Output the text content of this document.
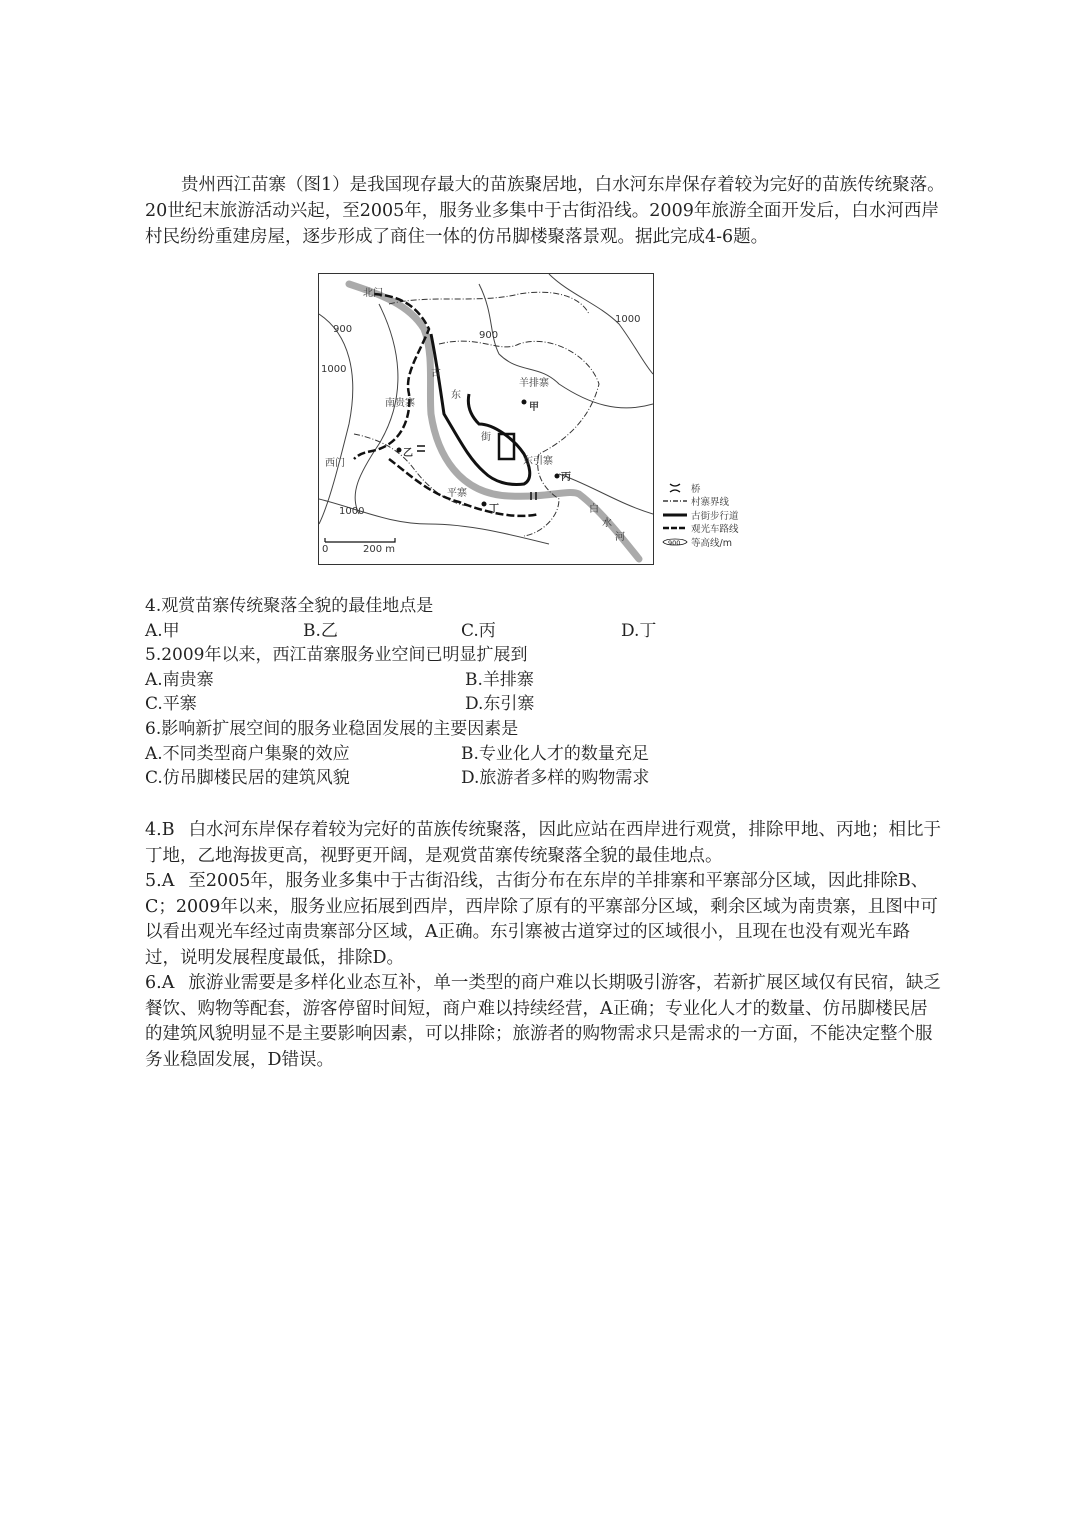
贵州西江苗寨（图1）是我国现存最大的苗族聚居地，白水河东岸保存着较为完好的苗族传统聚落。20世纪末旅游活动兴起，至2005年，服务业多集中于古街沿线。2009年旅游全面开发后，白水河西岸村民纷纷重建房屋，逐步形成了商住一体的仿吊脚楼聚落景观。据此完成4-6题。

北门
西门
南贵寨
羊排寨
东引寨
平寨
甲
乙
丙
丁
古
东
街
白
水
河
900
900
1000
1000
1000
0	200 m
桥
村寨界线
古街步行道
观光车路线
900 等高线/m
4.观赏苗寨传统聚落全貌的最佳地点是
A.甲	B.乙	C.丙	D.丁
5.2009年以来，西江苗寨服务业空间已明显扩展到
A.南贵寨	B.羊排寨
C.平寨	D.东引寨
6.影响新扩展空间的服务业稳固发展的主要因素是
A.不同类型商户集聚的效应	B.专业化人才的数量充足
C.仿吊脚楼民居的建筑风貌	D.旅游者多样的购物需求

4.B 白水河东岸保存着较为完好的苗族传统聚落，因此应站在西岸进行观赏，排除甲地、丙地；相比于丁地，乙地海拔更高，视野更开阔，是观赏苗寨传统聚落全貌的最佳地点。

5.A 至2005年，服务业多集中于古街沿线，古街分布在东岸的羊排寨和平寨部分区域，因此排除B、C；2009年以来，服务业应拓展到西岸，西岸除了原有的平寨部分区域，剩余区域为南贵寨，且图中可以看出观光车经过南贵寨部分区域，A正确。东引寨被古道穿过的区域很小，且现在也没有观光车路过，说明发展程度最低，排除D。

6.A 旅游业需要是多样化业态互补，单一类型的商户难以长期吸引游客，若新扩展区域仅有民宿，缺乏餐饮、购物等配套，游客停留时间短，商户难以持续经营，A正确；专业化人才的数量、仿吊脚楼民居的建筑风貌明显不是主要影响因素，可以排除；旅游者的购物需求只是需求的一方面，不能决定整个服务业稳固发展，D错误。
